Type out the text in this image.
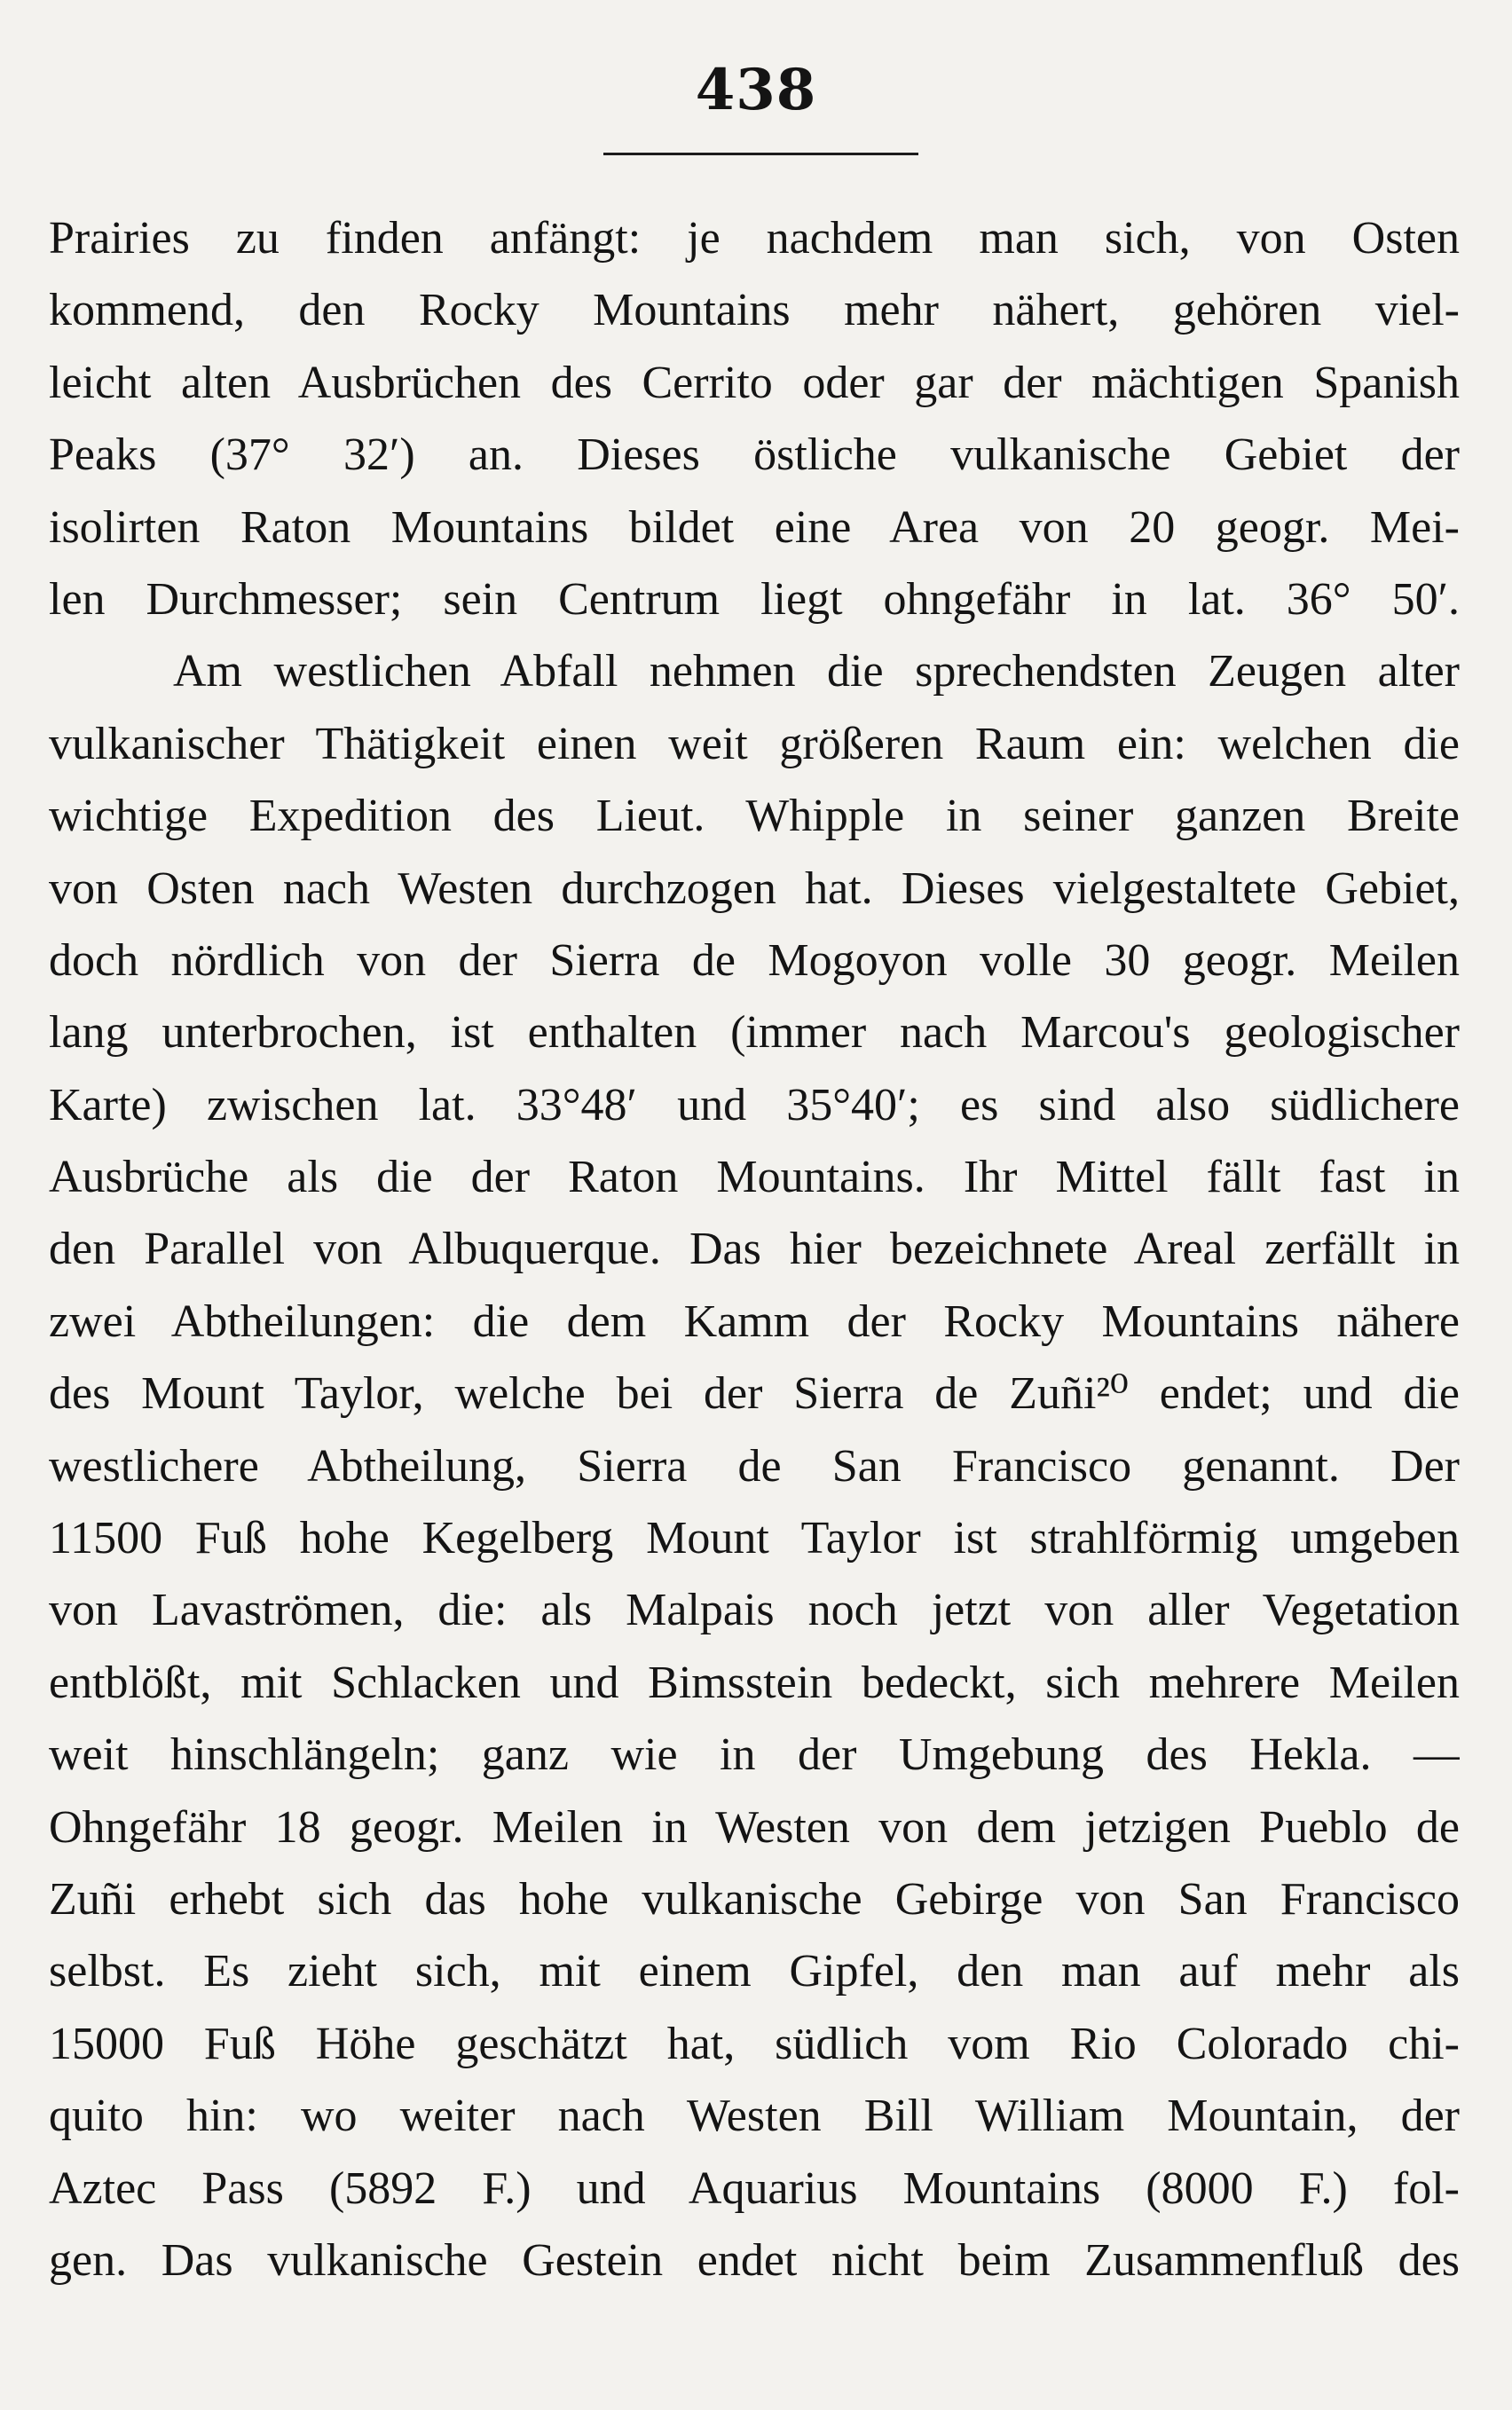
438
Prairies zu finden anfängt: je nachdem man sich, von Osten
kommend, den Rocky Mountains mehr nähert, gehören viel-
leicht alten Ausbrüchen des Cerrito oder gar der mächtigen Spanish
Peaks (37° 32′) an. Dieses östliche vulkanische Gebiet der
isolirten Raton Mountains bildet eine Area von 20 geogr. Mei-
len Durchmesser; sein Centrum liegt ohngefähr in lat. 36° 50′.
Am westlichen Abfall nehmen die sprechendsten Zeugen alter
vulkanischer Thätigkeit einen weit größeren Raum ein: welchen die
wichtige Expedition des Lieut. Whipple in seiner ganzen Breite
von Osten nach Westen durchzogen hat. Dieses vielgestaltete Gebiet,
doch nördlich von der Sierra de Mogoyon volle 30 geogr. Meilen
lang unterbrochen, ist enthalten (immer nach Marcou's geologischer
Karte) zwischen lat. 33°48′ und 35°40′; es sind also südlichere
Ausbrüche als die der Raton Mountains. Ihr Mittel fällt fast in
den Parallel von Albuquerque. Das hier bezeichnete Areal zerfällt in
zwei Abtheilungen: die dem Kamm der Rocky Mountains nähere
des Mount Taylor, welche bei der Sierra de Zuñi²⁰ endet; und die
westlichere Abtheilung, Sierra de San Francisco genannt. Der
11500 Fuß hohe Kegelberg Mount Taylor ist strahlförmig umgeben
von Lavaströmen, die: als Malpais noch jetzt von aller Vegetation
entblößt, mit Schlacken und Bimsstein bedeckt, sich mehrere Meilen
weit hinschlängeln; ganz wie in der Umgebung des Hekla. —
Ohngefähr 18 geogr. Meilen in Westen von dem jetzigen Pueblo de
Zuñi erhebt sich das hohe vulkanische Gebirge von San Francisco
selbst. Es zieht sich, mit einem Gipfel, den man auf mehr als
15000 Fuß Höhe geschätzt hat, südlich vom Rio Colorado chi-
quito hin: wo weiter nach Westen Bill William Mountain, der
Aztec Pass (5892 F.) und Aquarius Mountains (8000 F.) fol-
gen. Das vulkanische Gestein endet nicht beim Zusammenfluß des
